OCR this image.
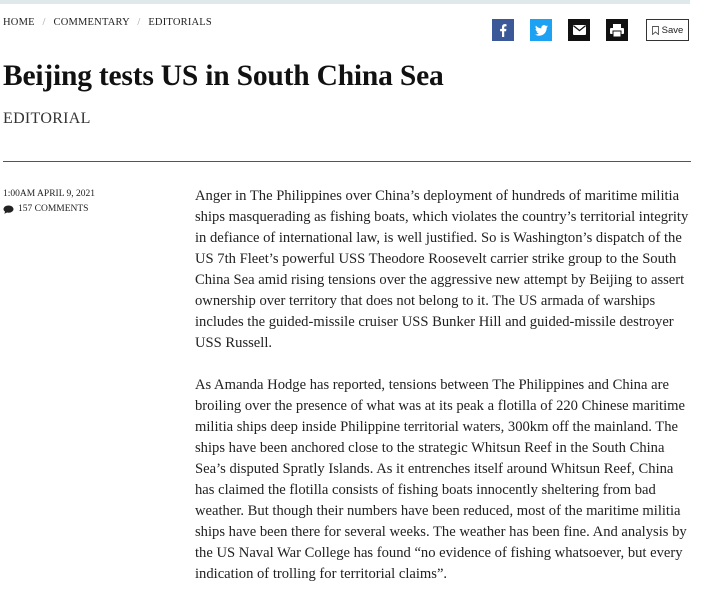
HOME / COMMENTARY / EDITORIALS
Save
Beijing tests US in South China Sea
EDITORIAL
1:00AM APRIL 9, 2021
157 COMMENTS

Anger in The Philippines over China’s deployment of hundreds of maritime militia ships masquerading as fishing boats, which violates the country’s territorial integrity in defiance of international law, is well justified. So is Washington’s dispatch of the US 7th Fleet’s powerful USS Theodore Roosevelt carrier strike group to the South China Sea amid rising tensions over the aggressive new attempt by Beijing to assert ownership over territory that does not belong to it. The US armada of warships includes the guided-missile cruiser USS Bunker Hill and guided-missile destroyer USS Russell.

As Amanda Hodge has reported, tensions between The Philippines and China are broiling over the presence of what was at its peak a flotilla of 220 Chinese maritime militia ships deep inside Philippine territorial waters, 300km off the mainland. The ships have been anchored close to the strategic Whitsun Reef in the South China Sea’s disputed Spratly Islands. As it entrenches itself around Whitsun Reef, China has claimed the flotilla consists of fishing boats innocently sheltering from bad weather. But though their numbers have been reduced, most of the maritime militia ships have been there for several weeks. The weather has been fine. And analysis by the US Naval War College has found “no evidence of fishing whatsoever, but every indication of trolling for territorial claims”.
